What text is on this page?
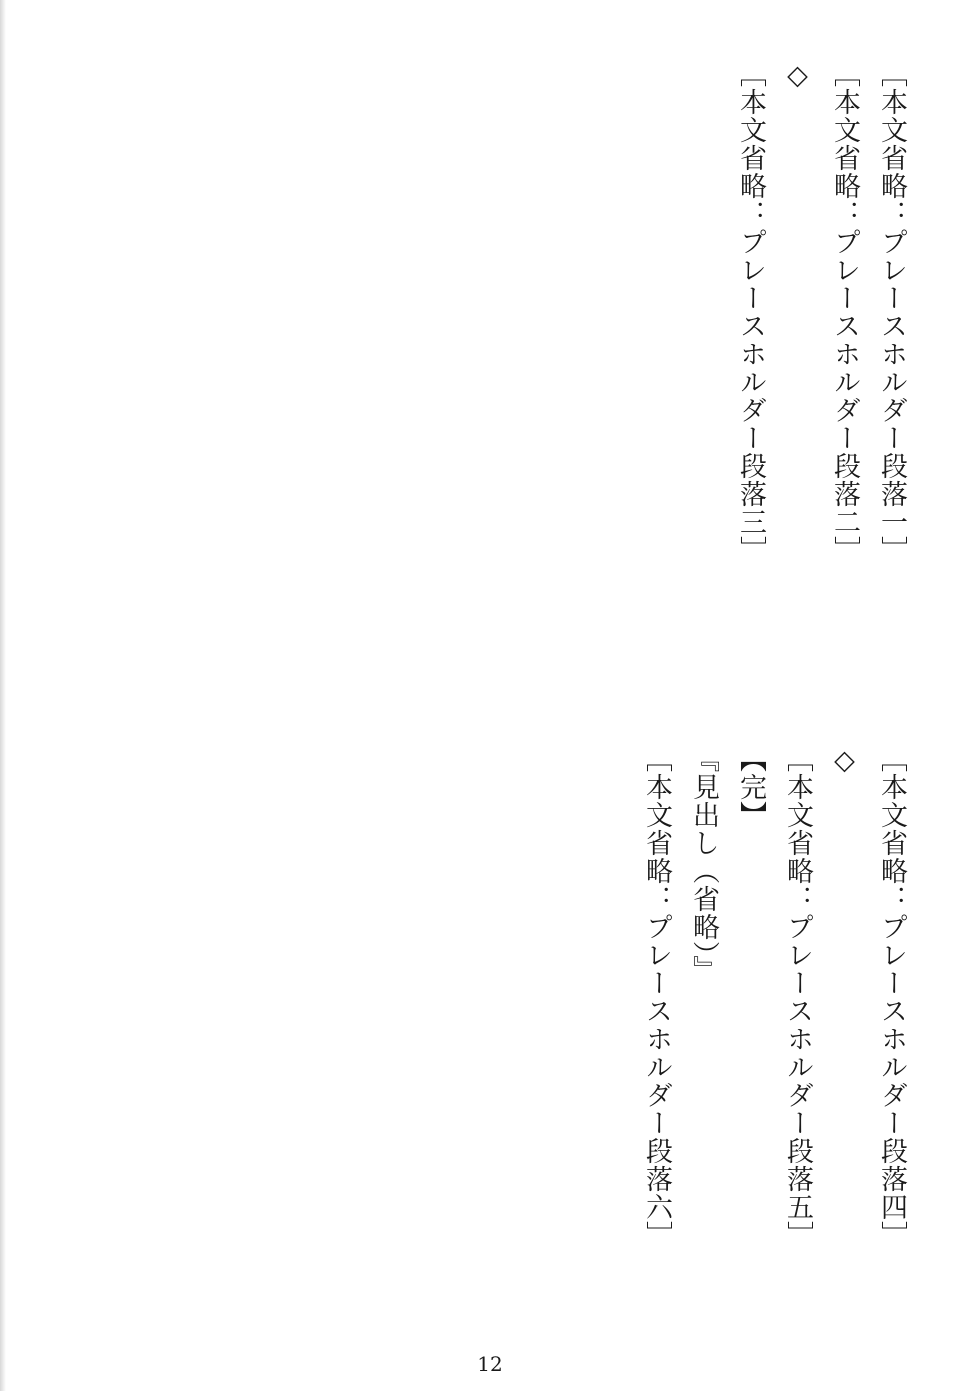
［本文省略：プレースホルダー段落一］

［本文省略：プレースホルダー段落二］

◇

［本文省略：プレースホルダー段落三］

［本文省略：プレースホルダー段落四］

◇

［本文省略：プレースホルダー段落五］

【完】

『見出し（省略）』

［本文省略：プレースホルダー段落六］

12
